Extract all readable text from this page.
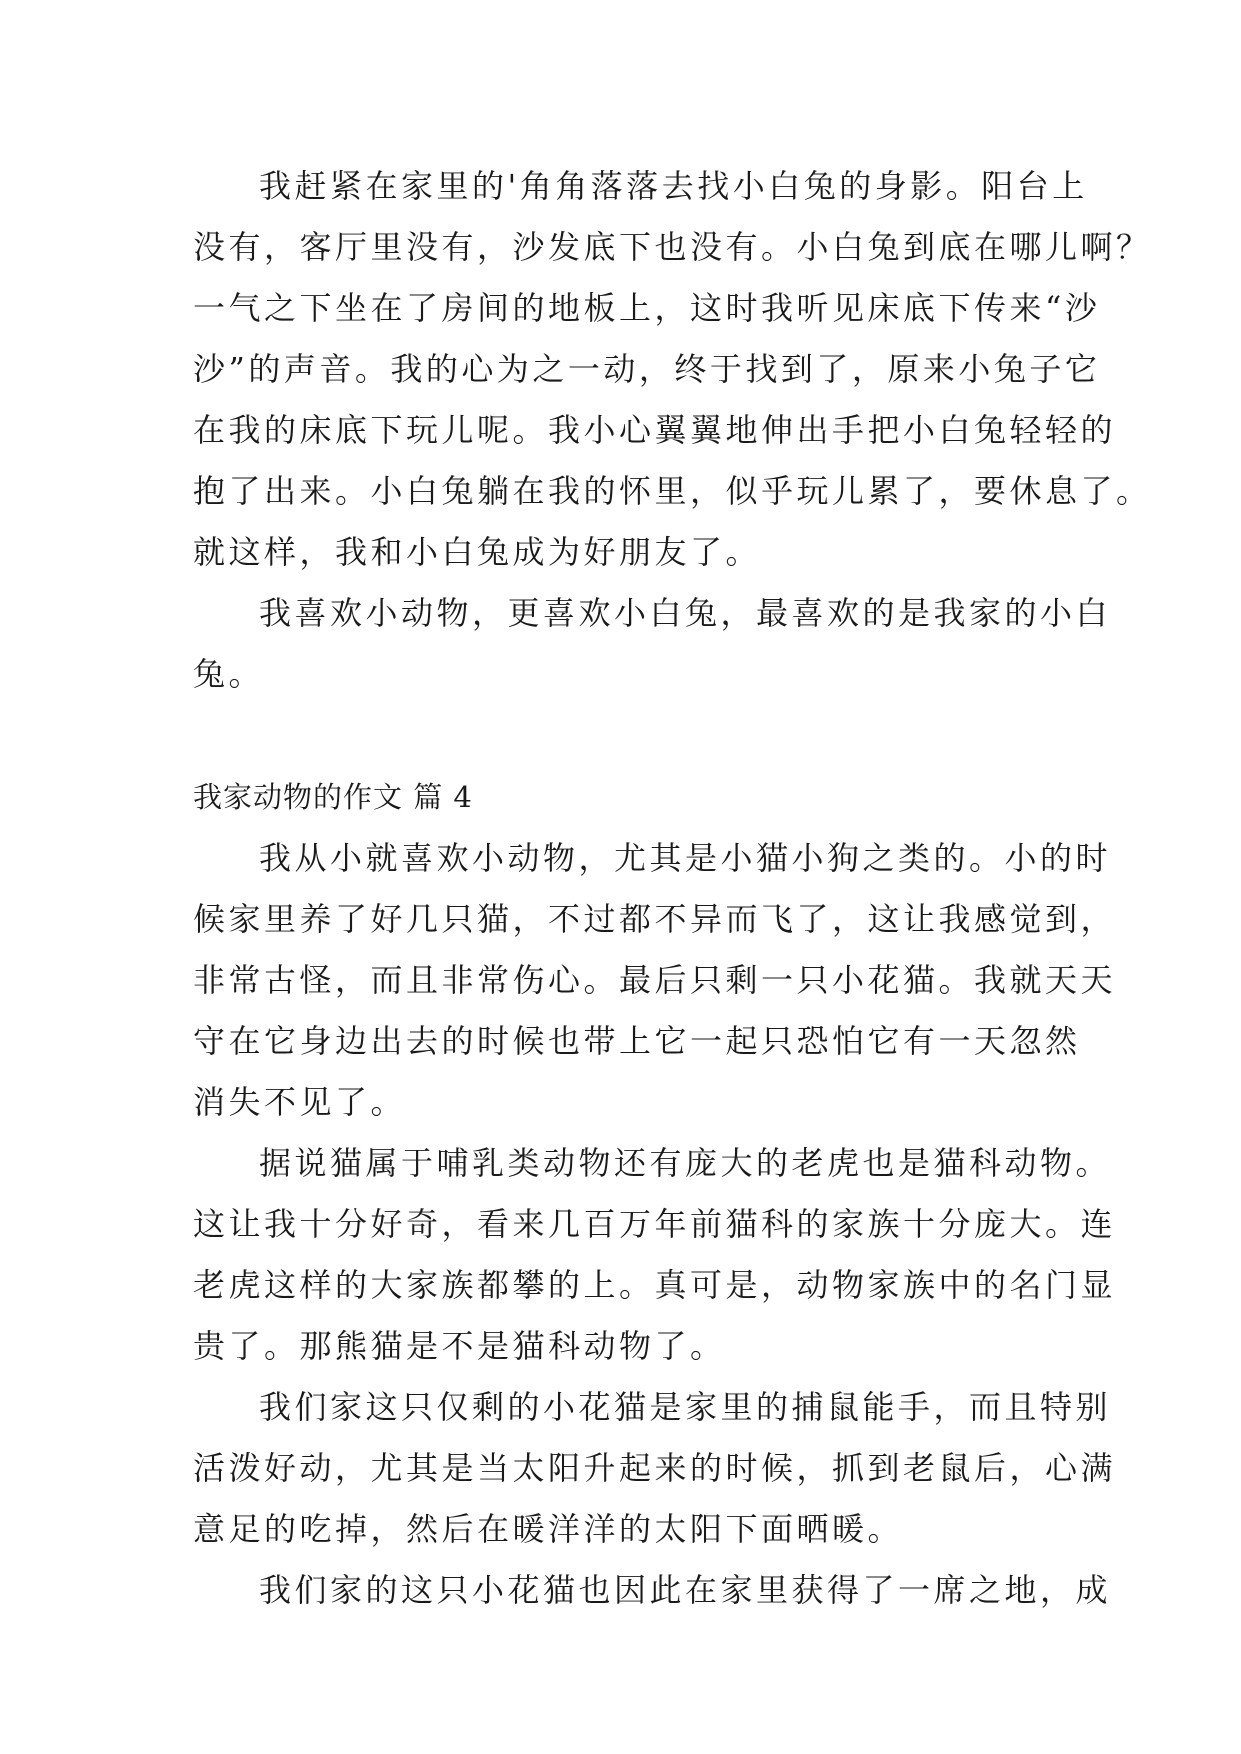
我赶紧在家里的'角角落落去找小白兔的身影。阳台上
没有，客厅里没有，沙发底下也没有。小白兔到底在哪儿啊？
一气之下坐在了房间的地板上，这时我听见床底下传来“沙
沙”的声音。我的心为之一动，终于找到了，原来小兔子它
在我的床底下玩儿呢。我小心翼翼地伸出手把小白兔轻轻的
抱了出来。小白兔躺在我的怀里，似乎玩儿累了，要休息了。
就这样，我和小白兔成为好朋友了。
我喜欢小动物，更喜欢小白兔，最喜欢的是我家的小白
兔。
我家动物的作文 篇 4
我从小就喜欢小动物，尤其是小猫小狗之类的。小的时
候家里养了好几只猫，不过都不异而飞了，这让我感觉到，
非常古怪，而且非常伤心。最后只剩一只小花猫。我就天天
守在它身边出去的时候也带上它一起只恐怕它有一天忽然
消失不见了。
据说猫属于哺乳类动物还有庞大的老虎也是猫科动物。
这让我十分好奇，看来几百万年前猫科的家族十分庞大。连
老虎这样的大家族都攀的上。真可是，动物家族中的名门显
贵了。那熊猫是不是猫科动物了。
我们家这只仅剩的小花猫是家里的捕鼠能手，而且特别
活泼好动，尤其是当太阳升起来的时候，抓到老鼠后，心满
意足的吃掉，然后在暖洋洋的太阳下面晒暖。
我们家的这只小花猫也因此在家里获得了一席之地，成
